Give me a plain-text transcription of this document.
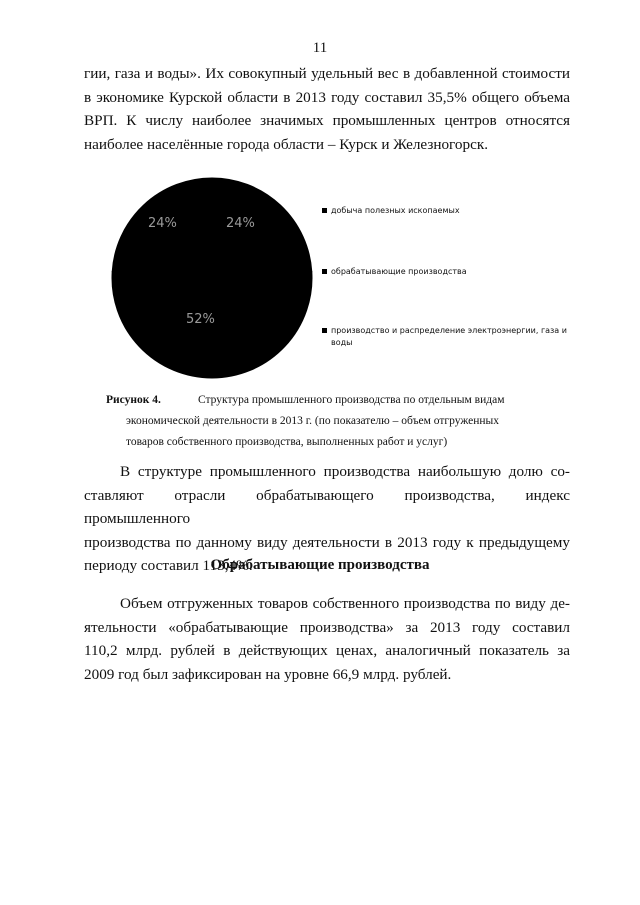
11
гии, газа и воды». Их совокупный удельный вес в добавленной стоимости
в экономике Курской области в 2013 году составил 35,5% общего объема
ВРП. К числу наиболее значимых промышленных центров относятся
наиболее населённые города области – Курск и Железногорск.
24%
52%
24%
добыча полезных ископаемых
обрабатывающие производства
производство и распределение электроэнергии, газа и
воды
Рисунок 4.	Структура промышленного производства по отдельным видам
экономической деятельности в 2013 г. (по показателю – объем отгруженных
товаров собственного производства, выполненных работ и услуг)
В структуре промышленного производства наибольшую долю со-
ставляют отрасли обрабатывающего производства, индекс промышленного
производства по данному виду деятельности в 2013 году к предыдущему
периоду составил 113,4%.
Обрабатывающие производства
Объем отгруженных товаров собственного производства по виду де-
ятельности «обрабатывающие производства» за 2013 году составил
110,2 млрд. рублей в действующих ценах, аналогичный показатель за
2009 год был зафиксирован на уровне 66,9 млрд. рублей.
